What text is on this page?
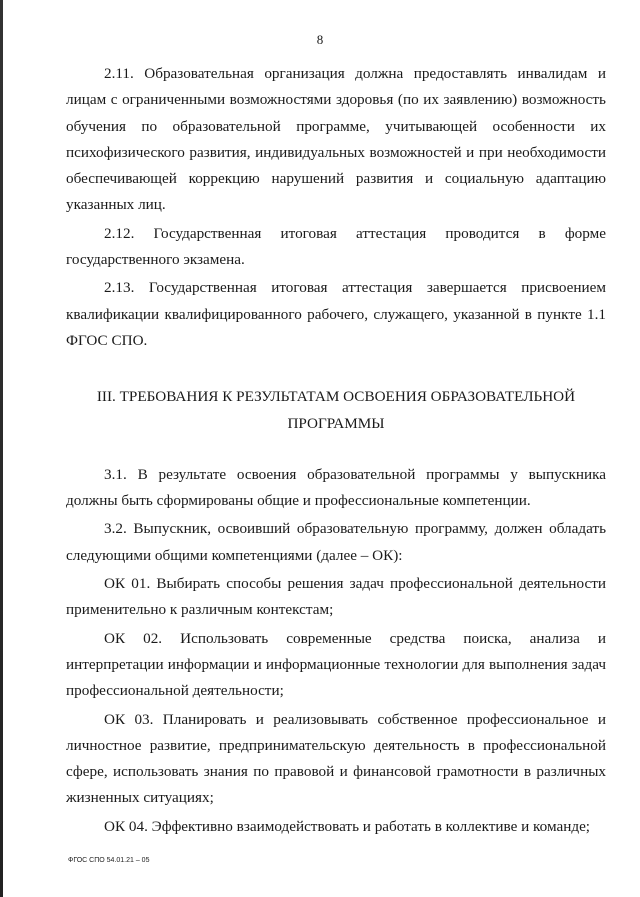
8

2.11. Образовательная организация должна предоставлять инвалидам и лицам с ограниченными возможностями здоровья (по их заявлению) возможность обучения по образовательной программе, учитывающей особенности их психофизического развития, индивидуальных возможностей и при необходимости обеспечивающей коррекцию нарушений развития и социальную адаптацию указанных лиц.

2.12. Государственная итоговая аттестация проводится в форме государственного экзамена.

2.13. Государственная итоговая аттестация завершается присвоением квалификации квалифицированного рабочего, служащего, указанной в пункте 1.1 ФГОС СПО.

III. ТРЕБОВАНИЯ К РЕЗУЛЬТАТАМ ОСВОЕНИЯ ОБРАЗОВАТЕЛЬНОЙ ПРОГРАММЫ

3.1. В результате освоения образовательной программы у выпускника должны быть сформированы общие и профессиональные компетенции.

3.2. Выпускник, освоивший образовательную программу, должен обладать следующими общими компетенциями (далее – ОК):

ОК 01. Выбирать способы решения задач профессиональной деятельности применительно к различным контекстам;

ОК 02. Использовать современные средства поиска, анализа и интерпретации информации и информационные технологии для выполнения задач профессиональной деятельности;

ОК 03. Планировать и реализовывать собственное профессиональное и личностное развитие, предпринимательскую деятельность в профессиональной сфере, использовать знания по правовой и финансовой грамотности в различных жизненных ситуациях;

ОК 04. Эффективно взаимодействовать и работать в коллективе и команде;

ФГОС СПО 54.01.21 – 05
